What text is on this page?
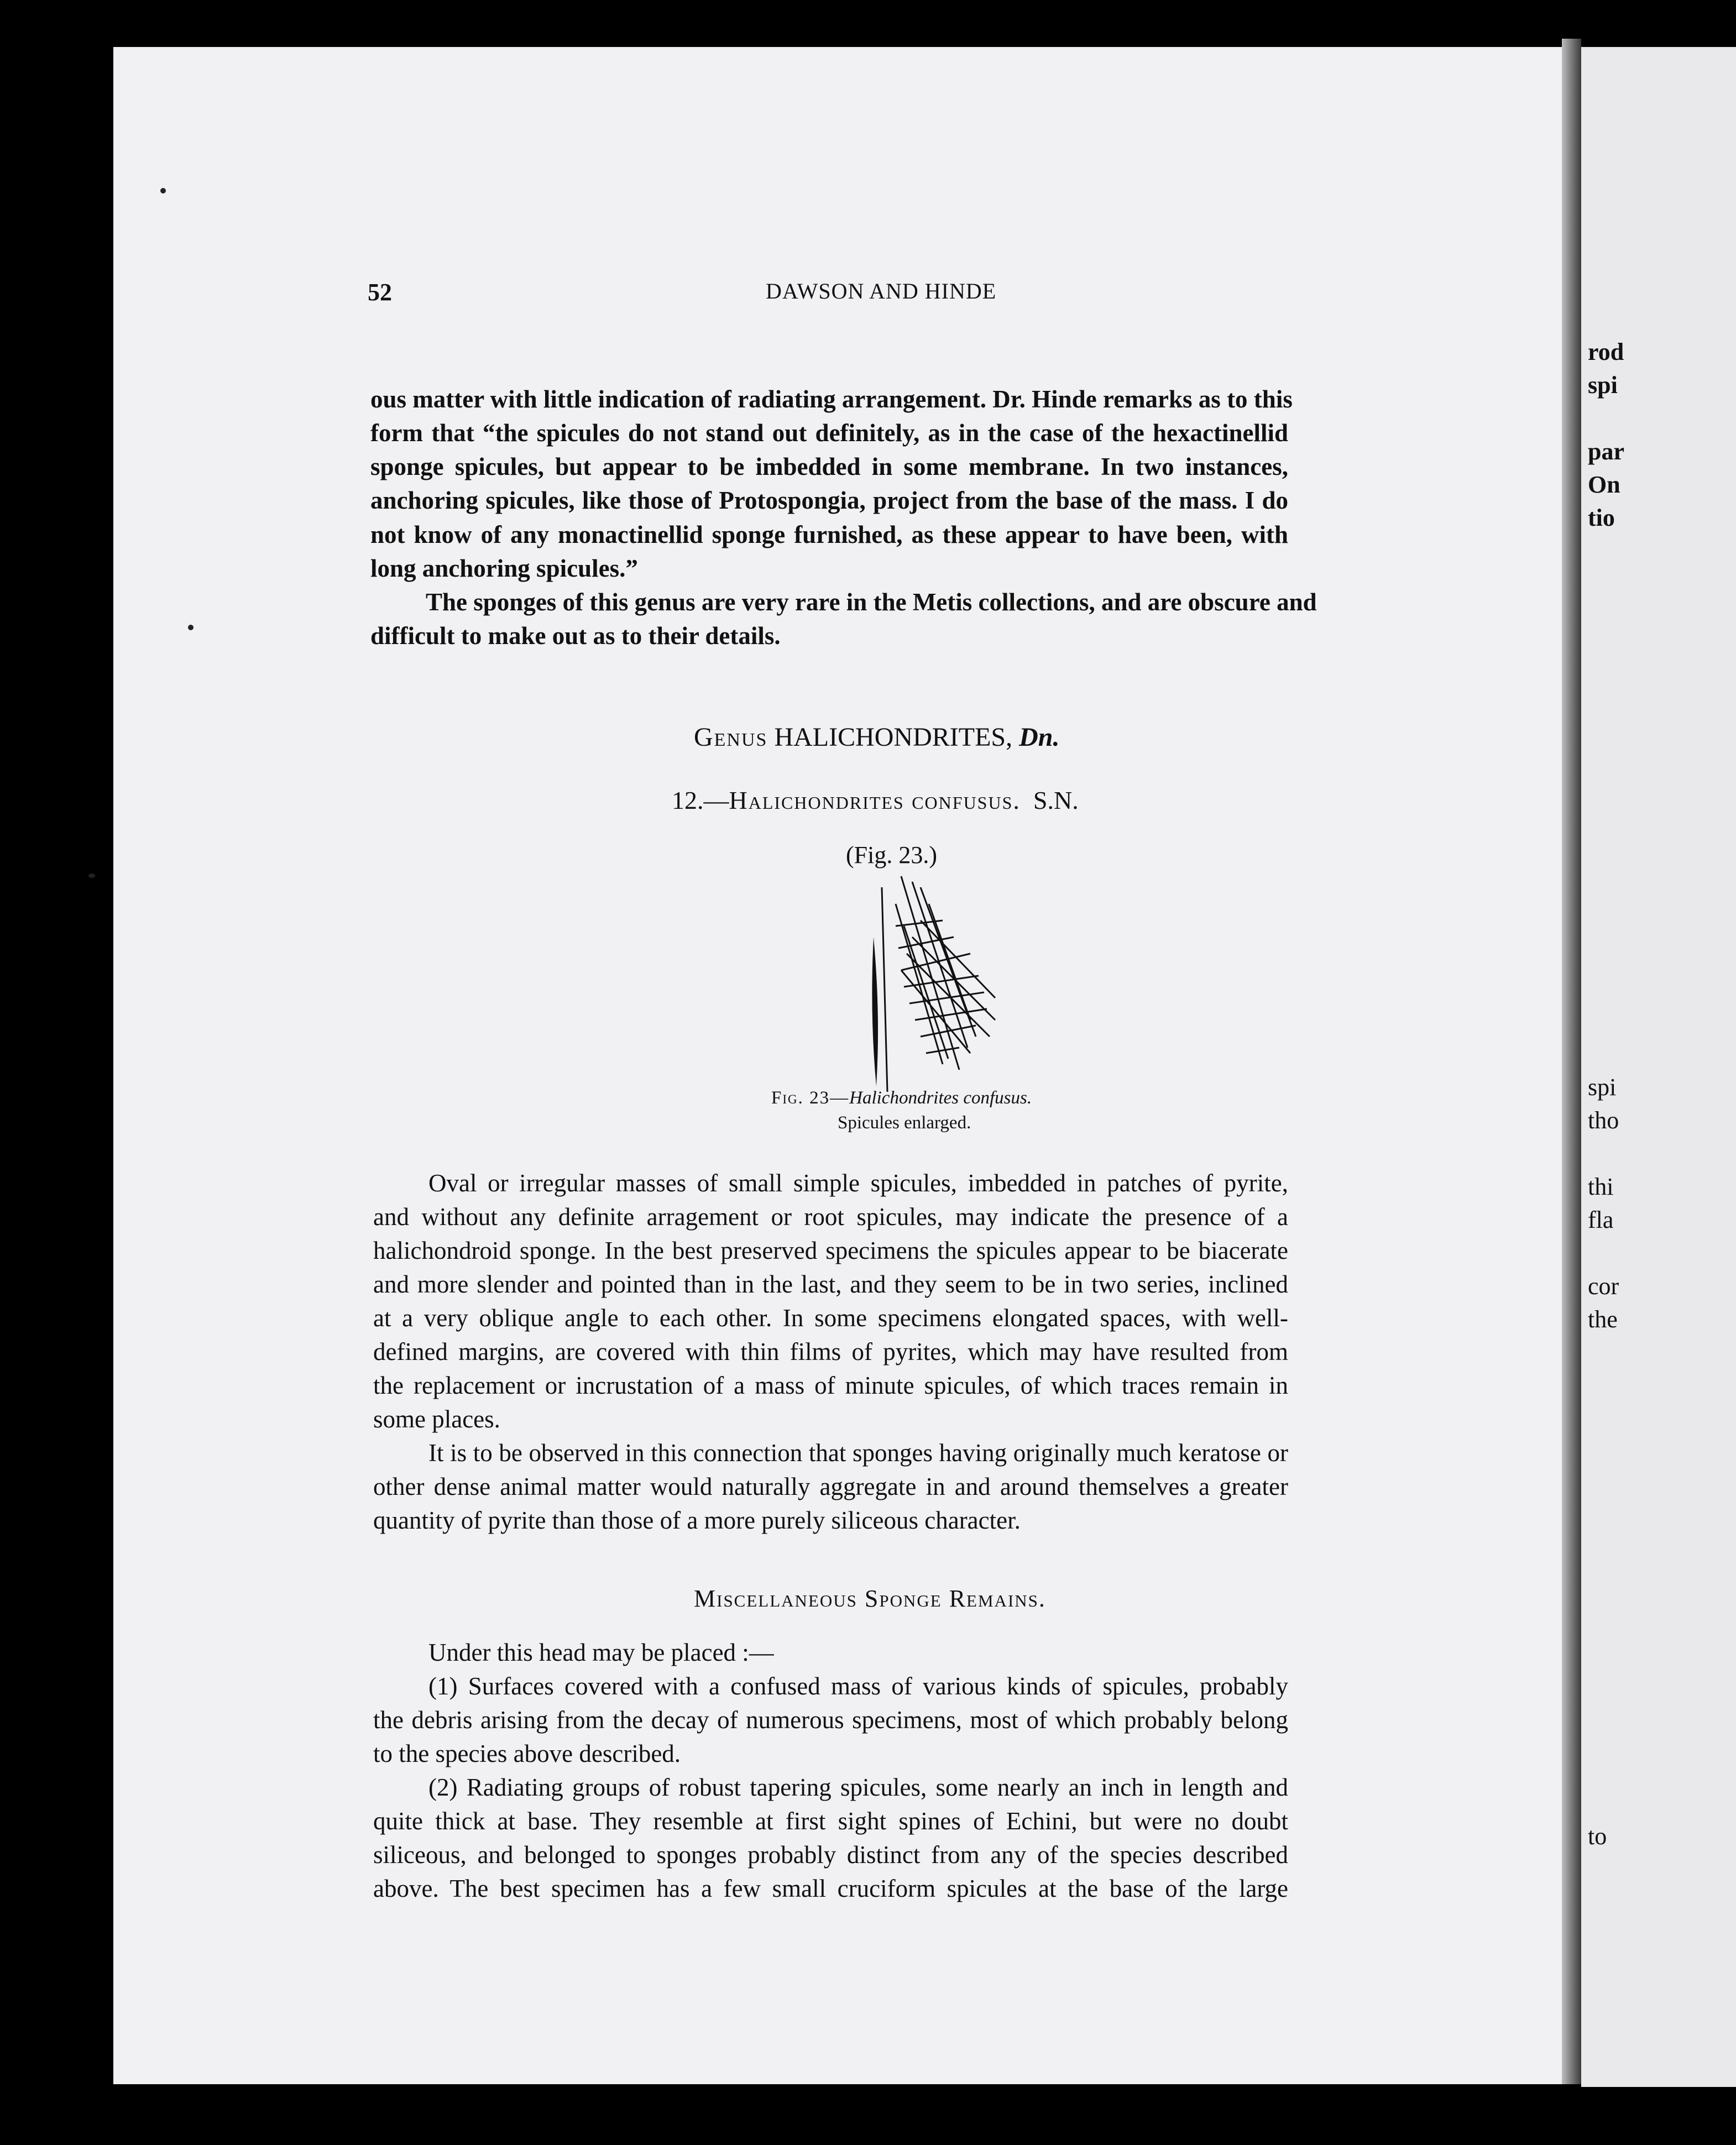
52	DAWSON AND HINDE
ous matter with little indication of radiating arrangement. Dr. Hinde remarks as to this
form that “the spicules do not stand out definitely, as in the case of the hexactinellid
sponge spicules, but appear to be imbedded in some membrane. In two instances,
anchoring spicules, like those of Protospongia, project from the base of the mass. I do
not know of any monactinellid sponge furnished, as these appear to have been, with
long anchoring spicules.”
The sponges of this genus are very rare in the Metis collections, and are obscure and
difficult to make out as to their details.
Genus HALICHONDRITES, Dn.
12.—Halichondrites confusus. S.N.
(Fig. 23.)
Fig. 23—Halichondrites confusus.
Spicules enlarged.
Oval or irregular masses of small simple spicules, imbedded in patches of pyrite,
and without any definite arragement or root spicules, may indicate the presence of a
halichondroid sponge. In the best preserved specimens the spicules appear to be biacerate
and more slender and pointed than in the last, and they seem to be in two series, inclined
at a very oblique angle to each other. In some specimens elongated spaces, with well-
defined margins, are covered with thin films of pyrites, which may have resulted from
the replacement or incrustation of a mass of minute spicules, of which traces remain in
some places.
It is to be observed in this connection that sponges having originally much keratose or
other dense animal matter would naturally aggregate in and around themselves a greater
quantity of pyrite than those of a more purely siliceous character.
Miscellaneous Sponge Remains.
Under this head may be placed :—
(1) Surfaces covered with a confused mass of various kinds of spicules, probably
the debris arising from the decay of numerous specimens, most of which probably belong
to the species above described.
(2) Radiating groups of robust tapering spicules, some nearly an inch in length and
quite thick at base. They resemble at first sight spines of Echini, but were no doubt
siliceous, and belonged to sponges probably distinct from any of the species described
above. The best specimen has a few small cruciform spicules at the base of the large
rod
spi
par
On
tio
spi
tho
thi
fla
cor
the
to
